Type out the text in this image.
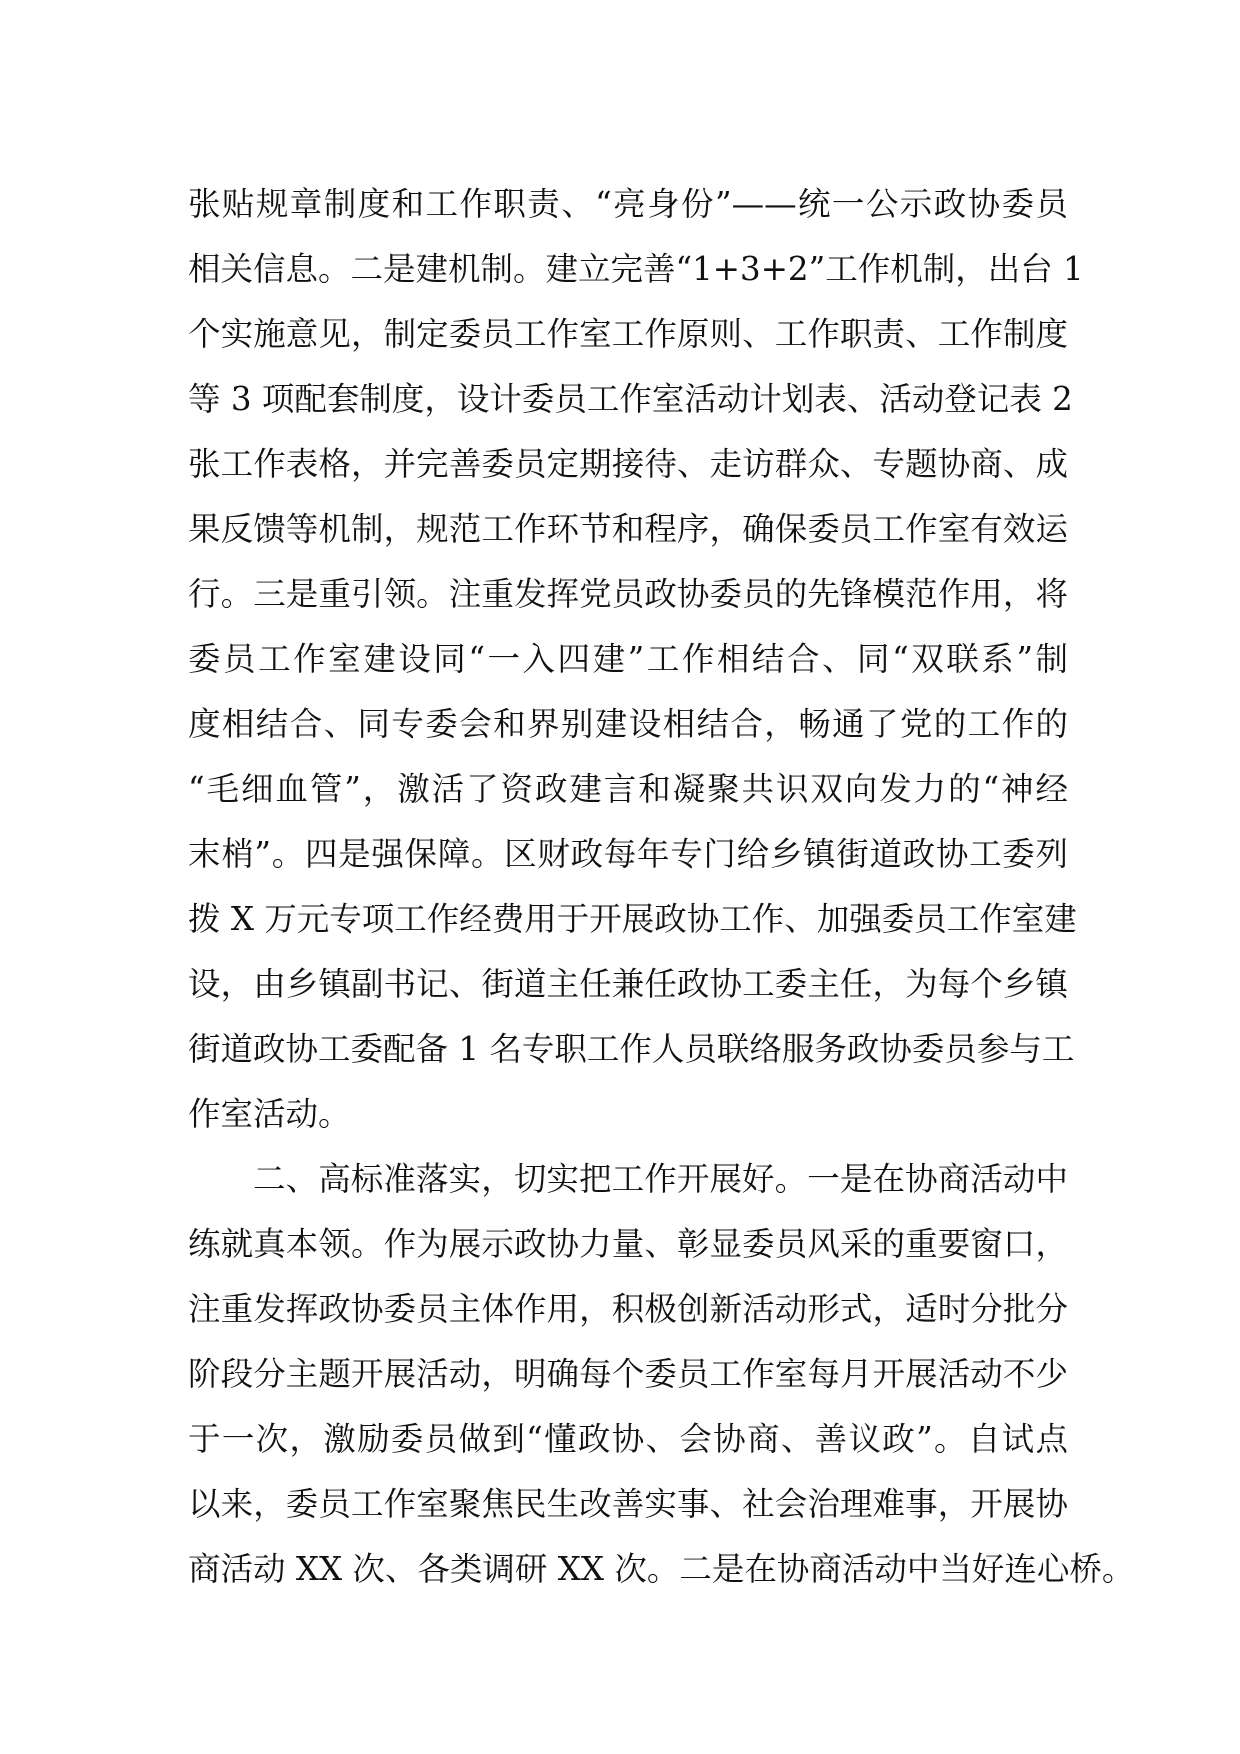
张贴规章制度和工作职责、“亮身份”——统一公示政协委员
相关信息。二是建机制。建立完善“1+3+2”工作机制，出台 1
个实施意见，制定委员工作室工作原则、工作职责、工作制度
等 3 项配套制度，设计委员工作室活动计划表、活动登记表 2
张工作表格，并完善委员定期接待、走访群众、专题协商、成
果反馈等机制，规范工作环节和程序，确保委员工作室有效运
行。三是重引领。注重发挥党员政协委员的先锋模范作用，将
委员工作室建设同“一入四建”工作相结合、同“双联系”制
度相结合、同专委会和界别建设相结合，畅通了党的工作的
“毛细血管”，激活了资政建言和凝聚共识双向发力的“神经
末梢”。四是强保障。区财政每年专门给乡镇街道政协工委列
拨 X 万元专项工作经费用于开展政协工作、加强委员工作室建
设，由乡镇副书记、街道主任兼任政协工委主任，为每个乡镇
街道政协工委配备 1 名专职工作人员联络服务政协委员参与工
作室活动。
二、高标准落实，切实把工作开展好。一是在协商活动中
练就真本领。作为展示政协力量、彰显委员风采的重要窗口，
注重发挥政协委员主体作用，积极创新活动形式，适时分批分
阶段分主题开展活动，明确每个委员工作室每月开展活动不少
于一次，激励委员做到“懂政协、会协商、善议政”。自试点
以来，委员工作室聚焦民生改善实事、社会治理难事，开展协
商活动 XX 次、各类调研 XX 次。二是在协商活动中当好连心桥。
